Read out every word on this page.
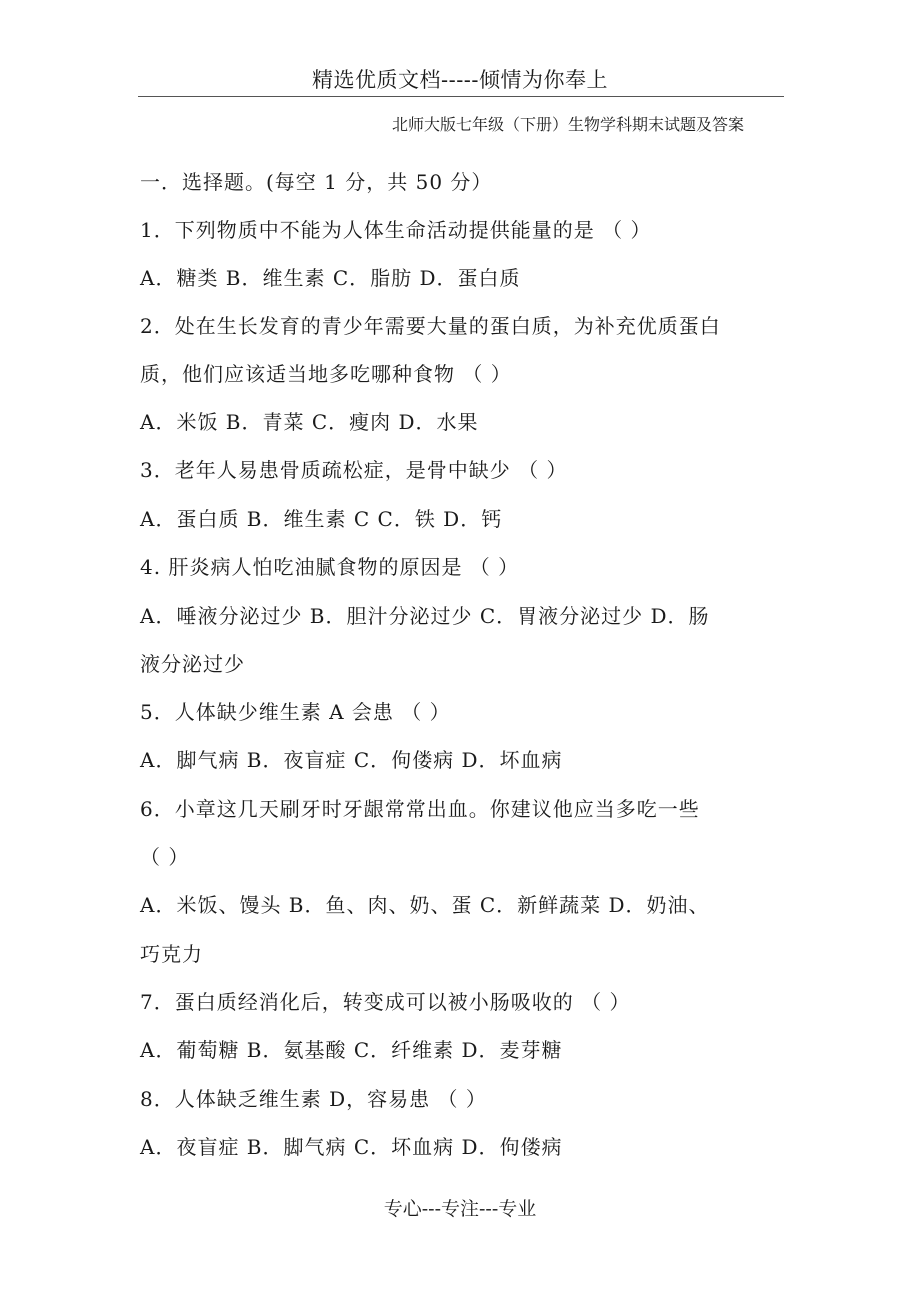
精选优质文档-----倾情为你奉上
北师大版七年级（下册）生物学科期末试题及答案
一．选择题。(每空 1 分，共 50 分）
1．下列物质中不能为人体生命活动提供能量的是 （ ）
A．糖类 B．维生素 C．脂肪 D．蛋白质
2．处在生长发育的青少年需要大量的蛋白质，为补充优质蛋白
质，他们应该适当地多吃哪种食物 （ ）
A．米饭 B．青菜 C．瘦肉 D．水果
3．老年人易患骨质疏松症，是骨中缺少 （ ）
A．蛋白质 B．维生素 C C．铁 D．钙
4. 肝炎病人怕吃油腻食物的原因是 （ ）
A．唾液分泌过少 B．胆汁分泌过少 C．胃液分泌过少 D．肠
液分泌过少
5．人体缺少维生素 A 会患 （ ）
A．脚气病 B．夜盲症 C．佝偻病 D．坏血病
6．小章这几天刷牙时牙龈常常出血。你建议他应当多吃一些
（ ）
A．米饭、馒头 B．鱼、肉、奶、蛋 C．新鲜蔬菜 D．奶油、
巧克力
7．蛋白质经消化后，转变成可以被小肠吸收的 （ ）
A．葡萄糖 B．氨基酸 C．纤维素 D．麦芽糖
8．人体缺乏维生素 D，容易患 （ ）
A．夜盲症 B．脚气病 C．坏血病 D．佝偻病
专心---专注---专业
